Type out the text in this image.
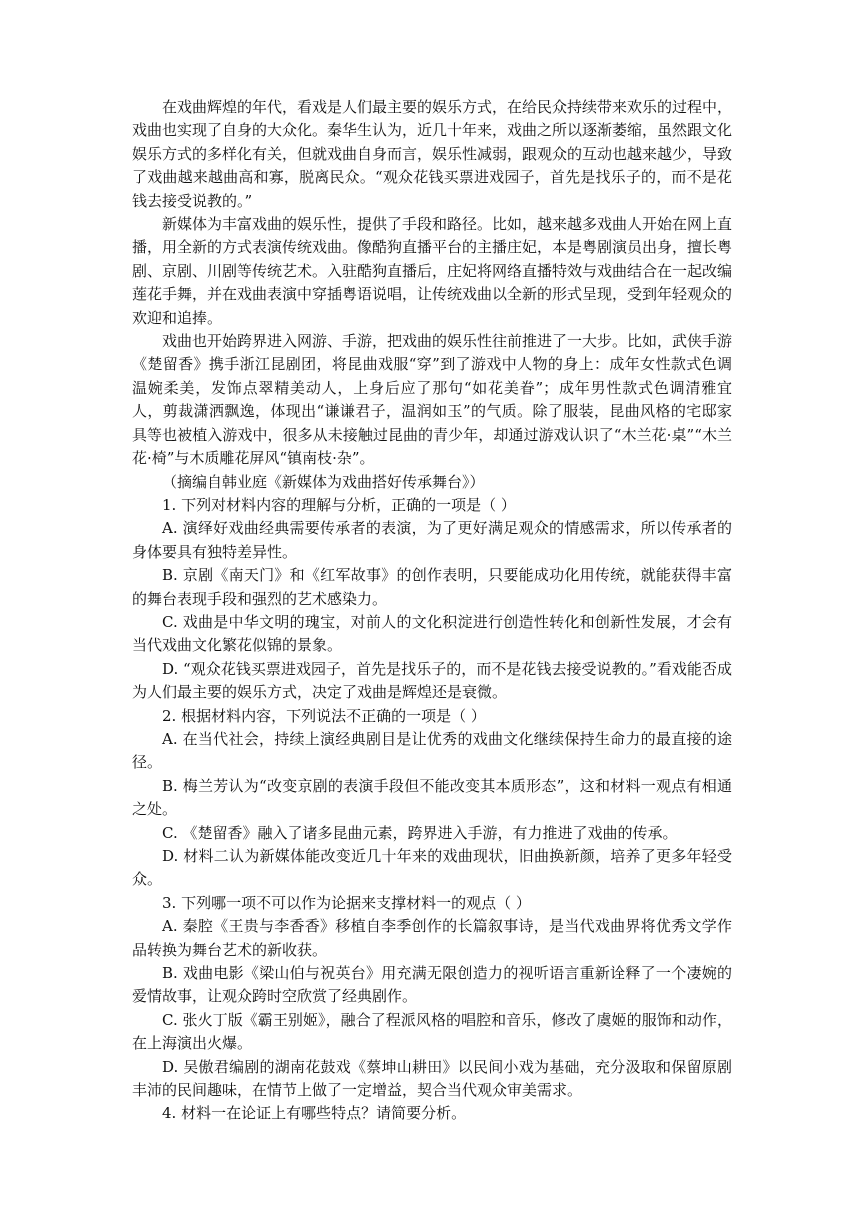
在戏曲辉煌的年代，看戏是人们最主要的娱乐方式，在给民众持续带来欢乐的过程中，戏曲也实现了自身的大众化。秦华生认为，近几十年来，戏曲之所以逐渐萎缩，虽然跟文化娱乐方式的多样化有关，但就戏曲自身而言，娱乐性减弱，跟观众的互动也越来越少，导致了戏曲越来越曲高和寡，脱离民众。“观众花钱买票进戏园子，首先是找乐子的，而不是花钱去接受说教的。”

新媒体为丰富戏曲的娱乐性，提供了手段和路径。比如，越来越多戏曲人开始在网上直播，用全新的方式表演传统戏曲。像酷狗直播平台的主播庄妃，本是粤剧演员出身，擅长粤剧、京剧、川剧等传统艺术。入驻酷狗直播后，庄妃将网络直播特效与戏曲结合在一起改编莲花手舞，并在戏曲表演中穿插粤语说唱，让传统戏曲以全新的形式呈现，受到年轻观众的欢迎和追捧。

戏曲也开始跨界进入网游、手游，把戏曲的娱乐性往前推进了一大步。比如，武侠手游《楚留香》携手浙江昆剧团，将昆曲戏服“穿”到了游戏中人物的身上：成年女性款式色调温婉柔美，发饰点翠精美动人，上身后应了那句“如花美眷”；成年男性款式色调清雅宜人，剪裁潇洒飘逸，体现出“谦谦君子，温润如玉”的气质。除了服装，昆曲风格的宅邸家具等也被植入游戏中，很多从未接触过昆曲的青少年，却通过游戏认识了“木兰花·桌”“木兰花·椅”与木质雕花屏风“镇南枝·杂”。

（摘编自韩业庭《新媒体为戏曲搭好传承舞台》）

1. 下列对材料内容的理解与分析，正确的一项是（ ）

A. 演绎好戏曲经典需要传承者的表演，为了更好满足观众的情感需求，所以传承者的身体要具有独特差异性。

B. 京剧《南天门》和《红军故事》的创作表明，只要能成功化用传统，就能获得丰富的舞台表现手段和强烈的艺术感染力。

C. 戏曲是中华文明的瑰宝，对前人的文化积淀进行创造性转化和创新性发展，才会有当代戏曲文化繁花似锦的景象。

D. “观众花钱买票进戏园子，首先是找乐子的，而不是花钱去接受说教的。”看戏能否成为人们最主要的娱乐方式，决定了戏曲是辉煌还是衰微。

2. 根据材料内容，下列说法不正确的一项是（ ）

A. 在当代社会，持续上演经典剧目是让优秀的戏曲文化继续保持生命力的最直接的途径。

B. 梅兰芳认为“改变京剧的表演手段但不能改变其本质形态”，这和材料一观点有相通之处。

C. 《楚留香》融入了诸多昆曲元素，跨界进入手游，有力推进了戏曲的传承。

D. 材料二认为新媒体能改变近几十年来的戏曲现状，旧曲换新颜，培养了更多年轻受众。

3. 下列哪一项不可以作为论据来支撑材料一的观点（ ）

A. 秦腔《王贵与李香香》移植自李季创作的长篇叙事诗，是当代戏曲界将优秀文学作品转换为舞台艺术的新收获。

B. 戏曲电影《梁山伯与祝英台》用充满无限创造力的视听语言重新诠释了一个凄婉的爱情故事，让观众跨时空欣赏了经典剧作。

C. 张火丁版《霸王别姬》，融合了程派风格的唱腔和音乐，修改了虞姬的服饰和动作，在上海演出火爆。

D. 吴傲君编剧的湖南花鼓戏《蔡坤山耕田》以民间小戏为基础，充分汲取和保留原剧丰沛的民间趣味，在情节上做了一定增益，契合当代观众审美需求。

4. 材料一在论证上有哪些特点？请简要分析。
